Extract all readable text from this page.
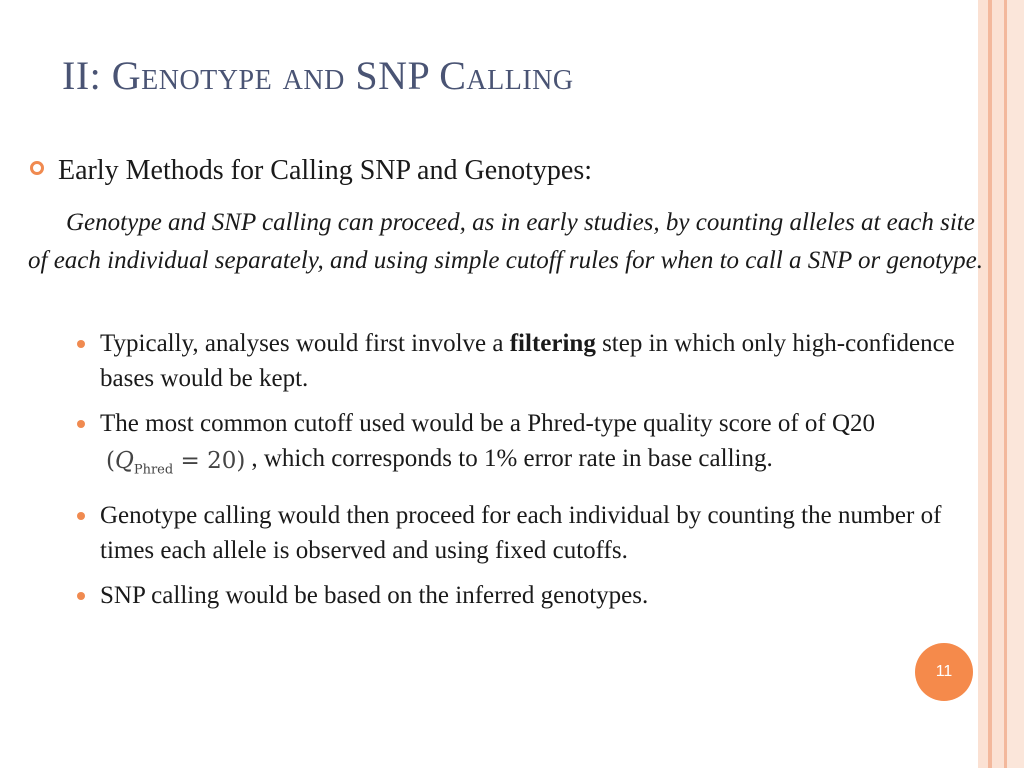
II: Genotype and SNP Calling
Early Methods for Calling SNP and Genotypes:

Genotype and SNP calling can proceed, as in early studies, by counting alleles at each site of each individual separately, and using simple cutoff rules for when to call a SNP or genotype.

Typically, analyses would first involve a filtering step in which only high-confidence bases would be kept.
The most common cutoff used would be a Phred-type quality score of of $Q20(Q_{Phred} = 20)$ , which corresponds to 1% error rate in base calling.
Genotype calling would then proceed for each individual by counting the number of times each allele is observed and using fixed cutoffs.
SNP calling would be based on the inferred genotypes.
11
